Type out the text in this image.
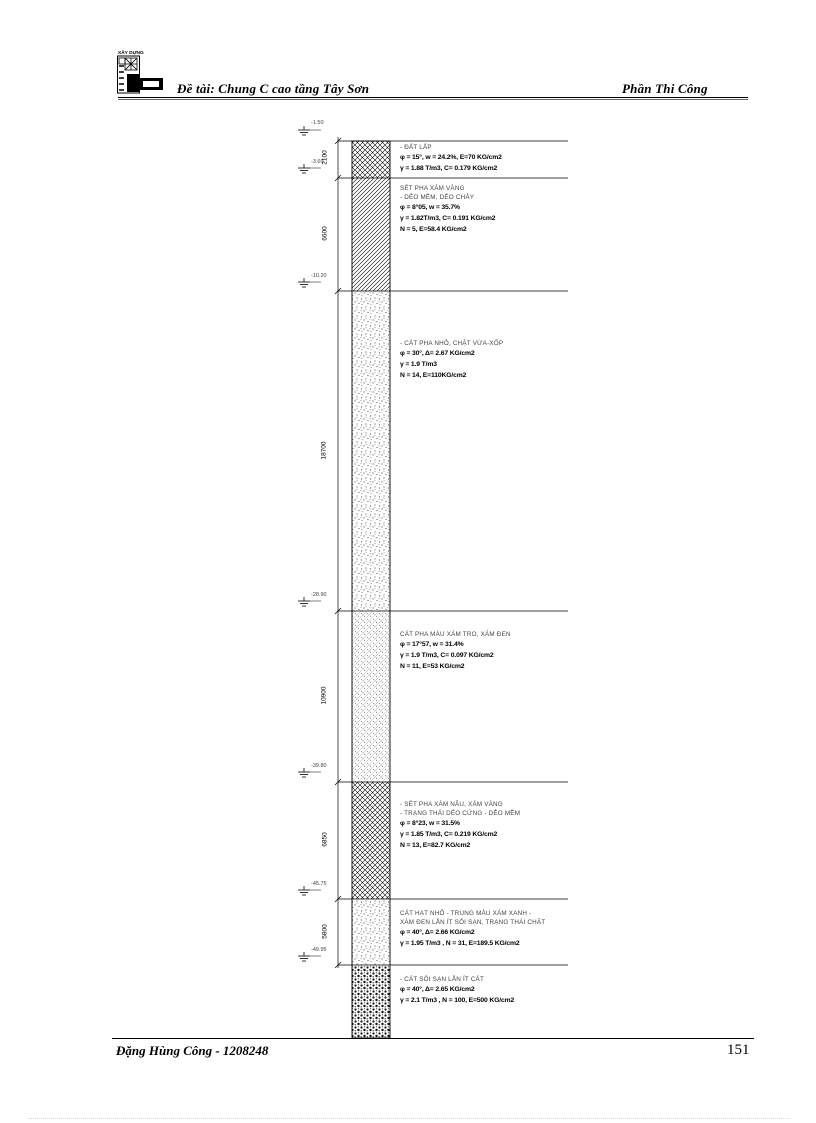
XÂY DỰNG
Đề tài: Chung C cao tầng Tây Sơn	Phần Thi Công
-1.50
-3.60
-10.20
-28.90
-39.80
-45.75
-49.95
2100
6600
18700
10900
6850
5800
- ĐẤT LẤP
φ = 15°, w = 24.2%, E=70 KG/cm2
γ = 1.88 T/m3, C= 0.179 KG/cm2
SÉT PHA XÁM VÀNG
- DẺO MỀM, DẺO CHẢY
φ = 8°05, w = 35.7%
γ = 1.82T/m3, C= 0.191 KG/cm2
N = 5, E=58.4 KG/cm2
- CÁT PHA NHỎ, CHẶT VỪA-XỐP
φ = 30°, Δ= 2.67 KG/cm2
γ = 1.9 T/m3
N = 14, E=110KG/cm2
CÁT PHA MÀU XÁM TRO, XÁM ĐEN
φ = 17°57, w = 31.4%
γ = 1.9 T/m3, C= 0.097 KG/cm2
N = 11, E=53 KG/cm2
- SÉT PHA XÁM NÂU, XÁM VÀNG
- TRẠNG THÁI DẺO CỨNG - DẺO MỀM
φ = 8°23, w = 31.5%
γ = 1.85 T/m3, C= 0.219 KG/cm2
N = 13, E=82.7 KG/cm2
CÁT HẠT NHỎ - TRUNG MÀU XÁM XANH -
XÁM ĐEN LẪN ÍT SỎI SẠN, TRẠNG THÁI CHẶT
φ = 40°, Δ= 2.66 KG/cm2
γ = 1.95 T/m3 , N = 31, E=189.5 KG/cm2
- CÁT SỎI SẠN LẪN ÍT CÁT
φ = 40°, Δ= 2.65 KG/cm2
γ = 2.1 T/m3 , N = 100, E=500 KG/cm2
Đặng Hùng Công - 1208248	151
